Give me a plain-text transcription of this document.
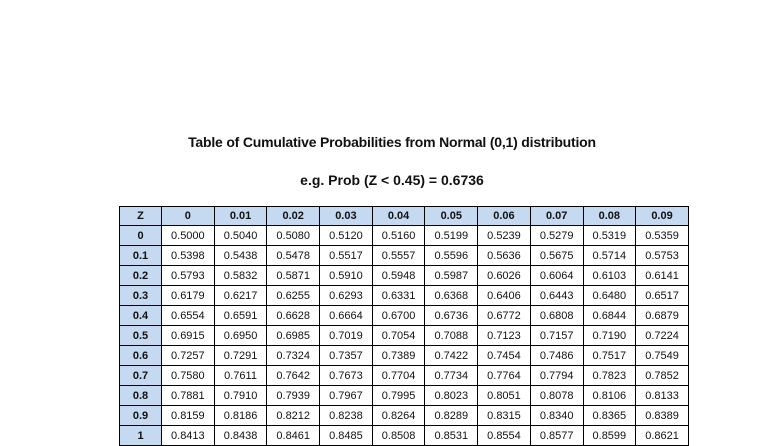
Table of Cumulative Probabilities from Normal (0,1) distribution
e.g. Prob (Z < 0.45) = 0.6736
Z	0	0.01	0.02	0.03	0.04	0.05	0.06	0.07	0.08	0.09
0	0.5000	0.5040	0.5080	0.5120	0.5160	0.5199	0.5239	0.5279	0.5319	0.5359
0.1	0.5398	0.5438	0.5478	0.5517	0.5557	0.5596	0.5636	0.5675	0.5714	0.5753
0.2	0.5793	0.5832	0.5871	0.5910	0.5948	0.5987	0.6026	0.6064	0.6103	0.6141
0.3	0.6179	0.6217	0.6255	0.6293	0.6331	0.6368	0.6406	0.6443	0.6480	0.6517
0.4	0.6554	0.6591	0.6628	0.6664	0.6700	0.6736	0.6772	0.6808	0.6844	0.6879
0.5	0.6915	0.6950	0.6985	0.7019	0.7054	0.7088	0.7123	0.7157	0.7190	0.7224
0.6	0.7257	0.7291	0.7324	0.7357	0.7389	0.7422	0.7454	0.7486	0.7517	0.7549
0.7	0.7580	0.7611	0.7642	0.7673	0.7704	0.7734	0.7764	0.7794	0.7823	0.7852
0.8	0.7881	0.7910	0.7939	0.7967	0.7995	0.8023	0.8051	0.8078	0.8106	0.8133
0.9	0.8159	0.8186	0.8212	0.8238	0.8264	0.8289	0.8315	0.8340	0.8365	0.8389
1	0.8413	0.8438	0.8461	0.8485	0.8508	0.8531	0.8554	0.8577	0.8599	0.8621
